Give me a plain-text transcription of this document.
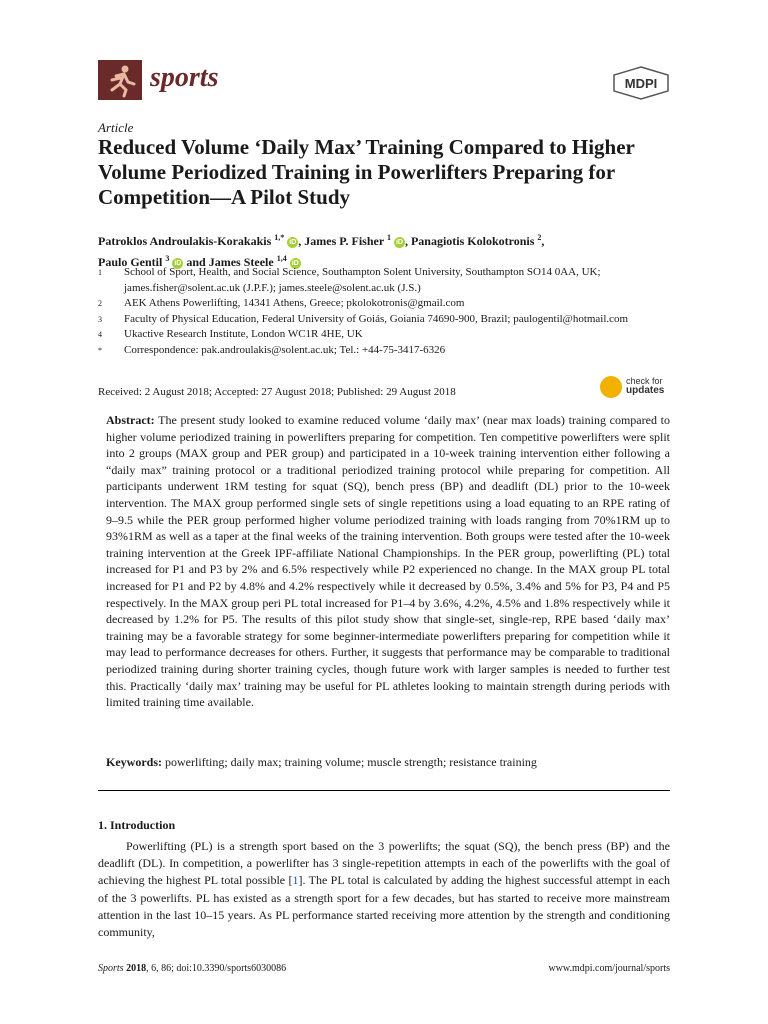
sports	MDPI
Article
Reduced Volume ‘Daily Max’ Training Compared to Higher Volume Periodized Training in Powerlifters Preparing for Competition—A Pilot Study
Patroklos Androulakis-Korakakis $^{1,*}$ iD , James P. Fisher $^1$ iD , Panagiotis Kolokotronis $^2$,
Paulo Gentil $^3$ iD and James Steele $^{1,4}$ iD
1	School of Sport, Health, and Social Science, Southampton Solent University, Southampton SO14 0AA, UK; james.fisher@solent.ac.uk (J.P.F.); james.steele@solent.ac.uk (J.S.)
2	AEK Athens Powerlifting, 14341 Athens, Greece; pkolokotronis@gmail.com
3	Faculty of Physical Education, Federal University of Goiás, Goiania 74690-900, Brazil; paulogentil@hotmail.com
4	Ukactive Research Institute, London WC1R 4HE, UK
*	Correspondence: pak.androulakis@solent.ac.uk; Tel.: +44-75-3417-6326
Received: 2 August 2018; Accepted: 27 August 2018; Published: 29 August 2018
check for
updates
Abstract: The present study looked to examine reduced volume ‘daily max’ (near max loads) training compared to higher volume periodized training in powerlifters preparing for competition. Ten competitive powerlifters were split into 2 groups (MAX group and PER group) and participated in a 10-week training intervention either following a “daily max” training protocol or a traditional periodized training protocol while preparing for competition. All participants underwent 1RM testing for squat (SQ), bench press (BP) and deadlift (DL) prior to the 10-week intervention. The MAX group performed single sets of single repetitions using a load equating to an RPE rating of 9–9.5 while the PER group performed higher volume periodized training with loads ranging from 70%1RM up to 93%1RM as well as a taper at the final weeks of the training intervention. Both groups were tested after the 10-week training intervention at the Greek IPF-affiliate National Championships. In the PER group, powerlifting (PL) total increased for P1 and P3 by 2% and 6.5% respectively while P2 experienced no change. In the MAX group PL total increased for P1 and P2 by 4.8% and 4.2% respectively while it decreased by 0.5%, 3.4% and 5% for P3, P4 and P5 respectively. In the MAX group peri PL total increased for P1–4 by 3.6%, 4.2%, 4.5% and 1.8% respectively while it decreased by 1.2% for P5. The results of this pilot study show that single-set, single-rep, RPE based ‘daily max’ training may be a favorable strategy for some beginner-intermediate powerlifters preparing for competition while it may lead to performance decreases for others. Further, it suggests that performance may be comparable to traditional periodized training during shorter training cycles, though future work with larger samples is needed to further test this. Practically ‘daily max’ training may be useful for PL athletes looking to maintain strength during periods with limited training time available.
Keywords: powerlifting; daily max; training volume; muscle strength; resistance training
1. Introduction
Powerlifting (PL) is a strength sport based on the 3 powerlifts; the squat (SQ), the bench press (BP) and the deadlift (DL). In competition, a powerlifter has 3 single-repetition attempts in each of the powerlifts with the goal of achieving the highest PL total possible [1]. The PL total is calculated by adding the highest successful attempt in each of the 3 powerlifts. PL has existed as a strength sport for a few decades, but has started to receive more mainstream attention in the last 10–15 years. As PL performance started receiving more attention by the strength and conditioning community,
Sports 2018, 6, 86; doi:10.3390/sports6030086	www.mdpi.com/journal/sports
